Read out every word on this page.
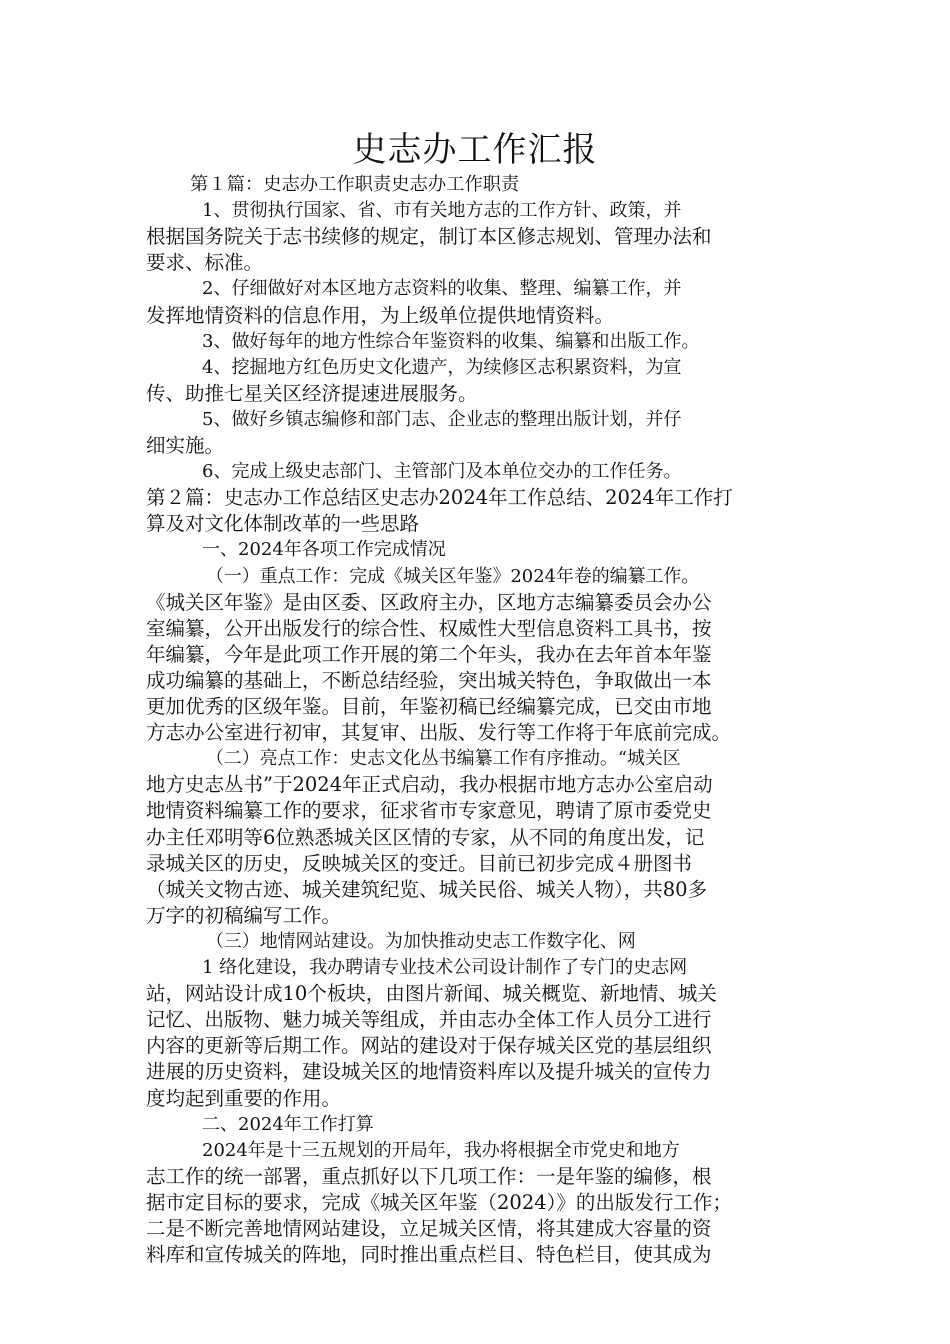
史志办工作汇报
第１篇：史志办工作职责史志办工作职责
1、贯彻执行国家、省、市有关地方志的工作方针、政策，并
根据国务院关于志书续修的规定，制订本区修志规划、管理办法和
要求、标准。
2、仔细做好对本区地方志资料的收集、整理、编纂工作，并
发挥地情资料的信息作用，为上级单位提供地情资料。
3、做好每年的地方性综合年鉴资料的收集、编纂和出版工作。
4、挖掘地方红色历史文化遗产，为续修区志积累资料，为宣
传、助推七星关区经济提速进展服务。
5、做好乡镇志编修和部门志、企业志的整理出版计划，并仔
细实施。
6、完成上级史志部门、主管部门及本单位交办的工作任务。
第２篇：史志办工作总结区史志办2024年工作总结、2024年工作打
算及对文化体制改革的一些思路
一、2024年各项工作完成情况
（一）重点工作：完成《城关区年鉴》2024年卷的编纂工作。
《城关区年鉴》是由区委、区政府主办，区地方志编纂委员会办公
室编纂，公开出版发行的综合性、权威性大型信息资料工具书，按
年编纂，今年是此项工作开展的第二个年头，我办在去年首本年鉴
成功编纂的基础上，不断总结经验，突出城关特色，争取做出一本
更加优秀的区级年鉴。目前，年鉴初稿已经编纂完成，已交由市地
方志办公室进行初审，其复审、出版、发行等工作将于年底前完成。
（二）亮点工作：史志文化丛书编纂工作有序推动。“城关区
地方史志丛书”于2024年正式启动，我办根据市地方志办公室启动
地情资料编纂工作的要求，征求省市专家意见，聘请了原市委党史
办主任邓明等6位熟悉城关区区情的专家，从不同的角度出发，记
录城关区的历史，反映城关区的变迁。目前已初步完成４册图书
（城关文物古迹、城关建筑纪览、城关民俗、城关人物），共80多
万字的初稿编写工作。
（三）地情网站建设。为加快推动史志工作数字化、网
1 络化建设，我办聘请专业技术公司设计制作了专门的史志网
站，网站设计成10个板块，由图片新闻、城关概览、新地情、城关
记忆、出版物、魅力城关等组成，并由志办全体工作人员分工进行
内容的更新等后期工作。网站的建设对于保存城关区党的基层组织
进展的历史资料，建设城关区的地情资料库以及提升城关的宣传力
度均起到重要的作用。
二、2024年工作打算
2024年是十三五规划的开局年，我办将根据全市党史和地方
志工作的统一部署，重点抓好以下几项工作：一是年鉴的编修，根
据市定目标的要求，完成《城关区年鉴（2024）》的出版发行工作；
二是不断完善地情网站建设，立足城关区情，将其建成大容量的资
料库和宣传城关的阵地，同时推出重点栏目、特色栏目，使其成为
